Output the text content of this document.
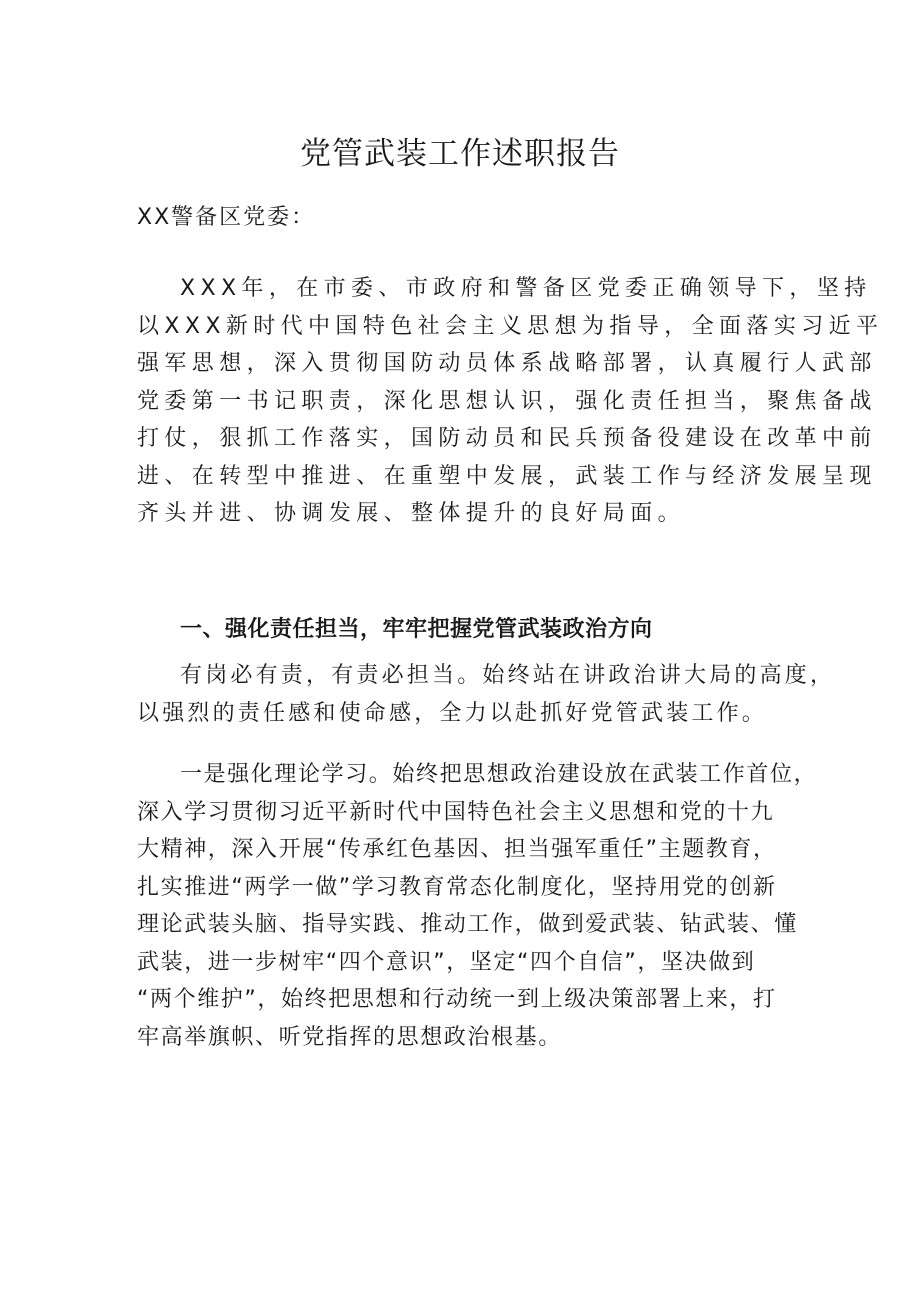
党管武装工作述职报告

XX警备区党委：

XXX年，在市委、市政府和警备区党委正确领导下，坚持
以XXX新时代中国特色社会主义思想为指导，全面落实习近平
强军思想，深入贯彻国防动员体系战略部署，认真履行人武部
党委第一书记职责，深化思想认识，强化责任担当，聚焦备战
打仗，狠抓工作落实，国防动员和民兵预备役建设在改革中前
进、在转型中推进、在重塑中发展，武装工作与经济发展呈现
齐头并进、协调发展、整体提升的良好局面。

一、强化责任担当，牢牢把握党管武装政治方向

有岗必有责，有责必担当。始终站在讲政治讲大局的高度，
以强烈的责任感和使命感，全力以赴抓好党管武装工作。

一是强化理论学习。始终把思想政治建设放在武装工作首位，
深入学习贯彻习近平新时代中国特色社会主义思想和党的十九
大精神，深入开展“传承红色基因、担当强军重任”主题教育，
扎实推进“两学一做”学习教育常态化制度化，坚持用党的创新
理论武装头脑、指导实践、推动工作，做到爱武装、钻武装、懂
武装，进一步树牢“四个意识”，坚定“四个自信”，坚决做到
“两个维护”，始终把思想和行动统一到上级决策部署上来，打
牢高举旗帜、听党指挥的思想政治根基。
